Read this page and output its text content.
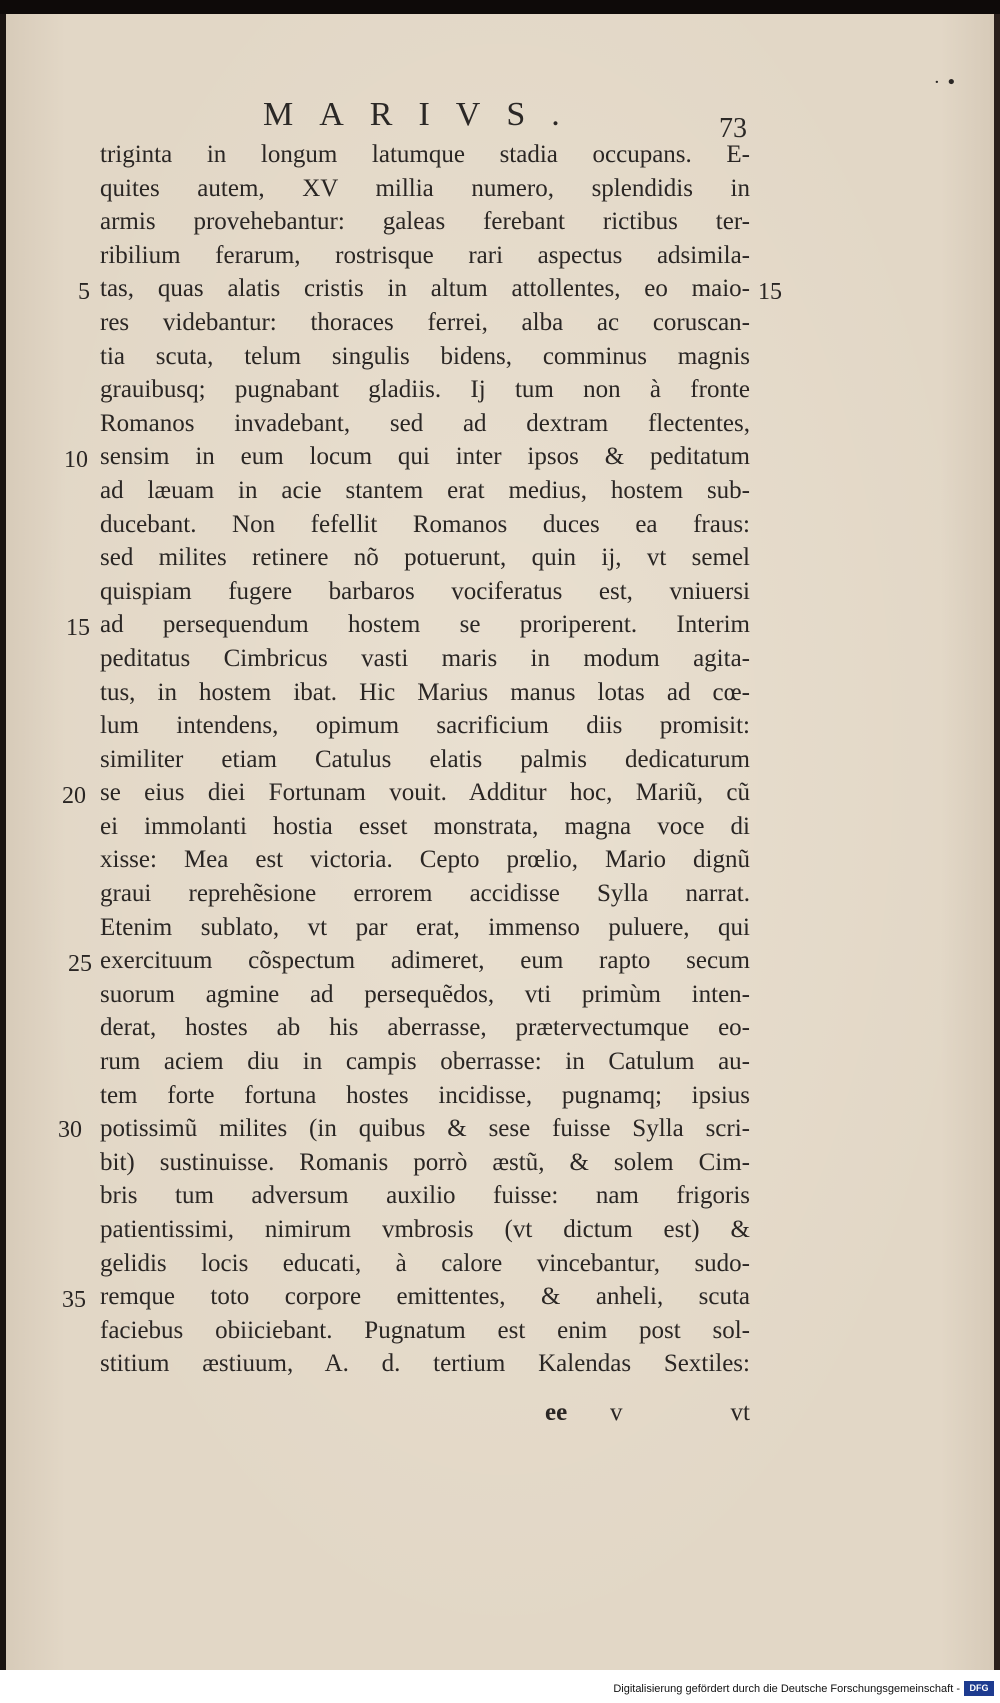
· •
MARIVS.	73
triginta in longum latumque stadia occupans. E-
quites autem, XV millia numero, splendidis in
armis provehebantur: galeas ferebant rictibus ter-
ribilium ferarum, rostrisque rari aspectus adsimila-
tas, quas alatis cristis in altum attollentes, eo maio-
res videbantur: thoraces ferrei, alba ac coruscan-
tia scuta, telum singulis bidens, comminus magnis
grauibusq; pugnabant gladiis. Ij tum non à fronte
Romanos invadebant, sed ad dextram flectentes,
sensim in eum locum qui inter ipsos & peditatum
ad læuam in acie stantem erat medius, hostem sub-
ducebant. Non fefellit Romanos duces ea fraus:
sed milites retinere nõ potuerunt, quin ij, vt semel
quispiam fugere barbaros vociferatus est, vniuersi
ad persequendum hostem se proriperent. Interim
peditatus Cimbricus vasti maris in modum agita-
tus, in hostem ibat. Hic Marius manus lotas ad cœ-
lum intendens, opimum sacrificium diis promisit:
similiter etiam Catulus elatis palmis dedicaturum
se eius diei Fortunam vouit. Additur hoc, Mariũ, cũ
ei immolanti hostia esset monstrata, magna voce di
xisse: Mea est victoria. Cepto prœlio, Mario dignũ
graui reprehẽsione errorem accidisse Sylla narrat.
Etenim sublato, vt par erat, immenso puluere, qui
exercituum cõspectum adimeret, eum rapto secum
suorum agmine ad persequẽdos, vti primùm inten-
derat, hostes ab his aberrasse, prætervectumque eo-
rum aciem diu in campis oberrasse: in Catulum au-
tem forte fortuna hostes incidisse, pugnamq; ipsius
potissimũ milites (in quibus & sese fuisse Sylla scri-
bit) sustinuisse. Romanis porrò æstũ, & solem Cim-
bris tum adversum auxilio fuisse: nam frigoris
patientissimi, nimirum vmbrosis (vt dictum est) &
gelidis locis educati, à calore vincebantur, sudo-
remque toto corpore emittentes, & anheli, scuta
faciebus obiiciebant. Pugnatum est enim post sol-
stitium æstiuum, A. d. tertium Kalendas Sextiles:
5
10
15
20
25
30
35
15
ee v	vt
Digitalisierung gefördert durch die Deutsche Forschungsgemeinschaft -	DFG
